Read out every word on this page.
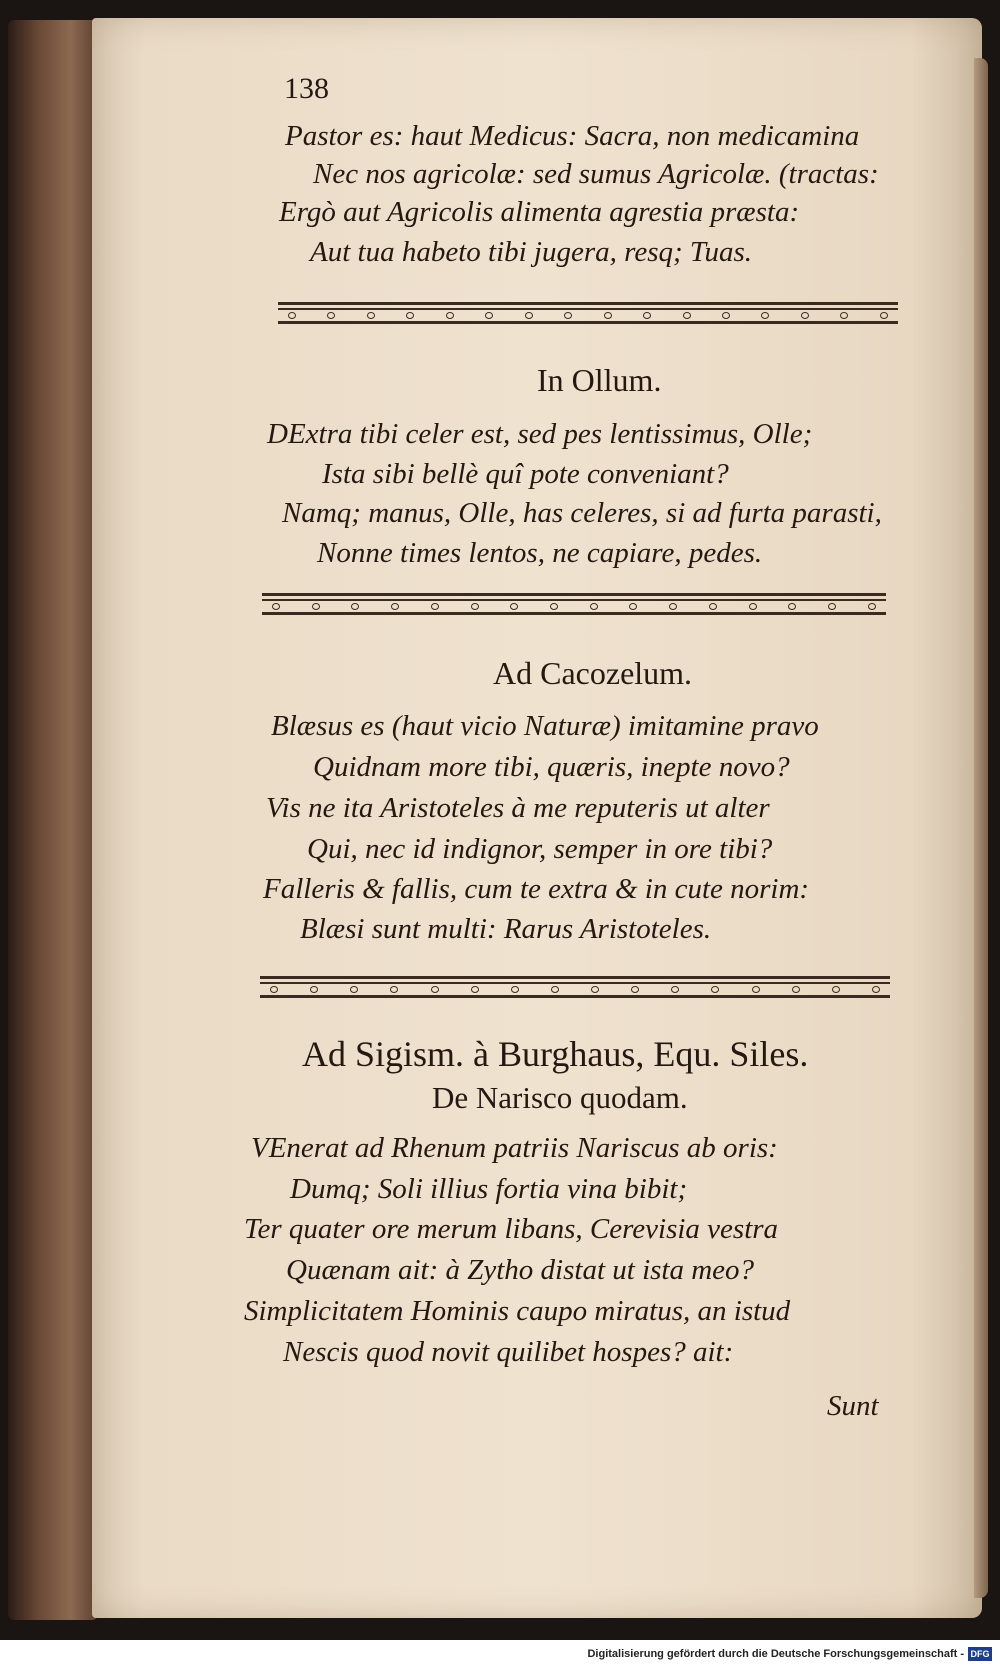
138
Pastor es: haut Medicus: Sacra, non medicamina
Nec nos agricolæ: sed sumus Agricolæ. (tractas:
Ergò aut Agricolis alimenta agrestia præsta:
Aut tua habeto tibi jugera, resq; Tuas.
In Ollum.
DExtra tibi celer est, sed pes lentissimus, Olle;
Ista sibi bellè quî pote conveniant?
Namq; manus, Olle, has celeres, si ad furta parasti,
Nonne times lentos, ne capiare, pedes.
Ad Cacozelum.
Blæsus es (haut vicio Naturæ) imitamine pravo
Quidnam more tibi, quæris, inepte novo?
Vis ne ita Aristoteles à me reputeris ut alter
Qui, nec id indignor, semper in ore tibi?
Falleris & fallis, cum te extra & in cute norim:
Blæsi sunt multi: Rarus Aristoteles.
Ad Sigism. à Burghaus, Equ. Siles.
De Narisco quodam.
VEnerat ad Rhenum patriis Nariscus ab oris:
Dumq; Soli illius fortia vina bibit;
Ter quater ore merum libans, Cerevisia vestra
Quænam ait: à Zytho distat ut ista meo?
Simplicitatem Hominis caupo miratus, an istud
Nescis quod novit quilibet hospes? ait:
Sunt
Digitalisierung gefördert durch die Deutsche Forschungsgemeinschaft - DFG
